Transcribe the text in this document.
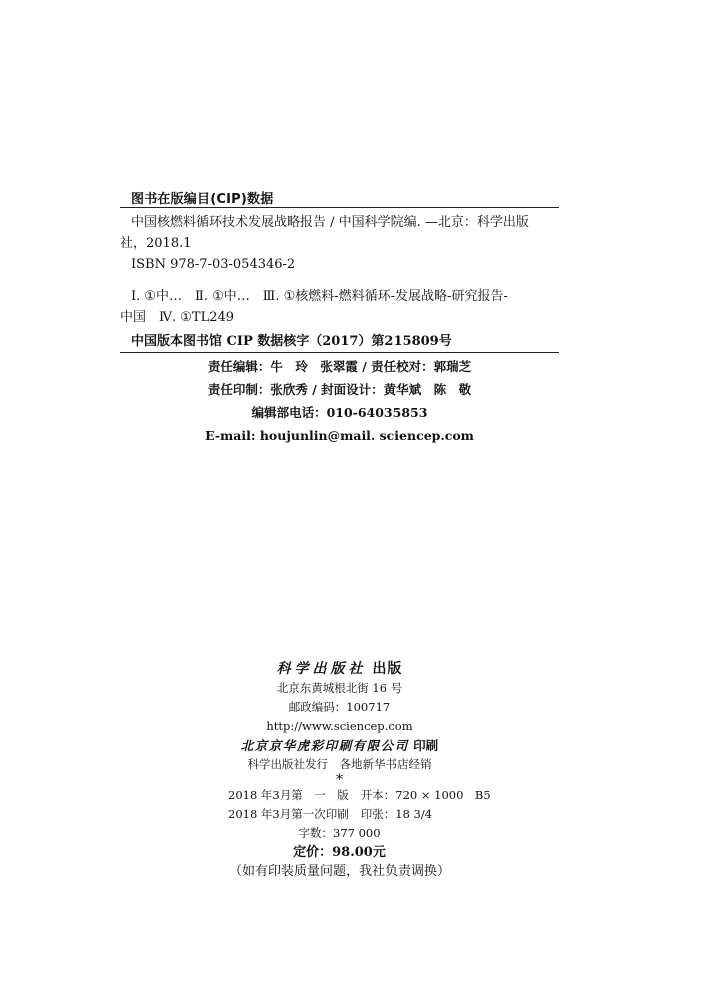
图书在版编目(CIP)数据

中国核燃料循环技术发展战略报告 / 中国科学院编. —北京：科学出版

社，2018.1

ISBN 978-7-03-054346-2

Ⅰ. ①中…　Ⅱ. ①中…　Ⅲ. ①核燃料-燃料循环-发展战略-研究报告-

中国　Ⅳ. ①TL249

中国版本图书馆 CIP 数据核字（2017）第215809号

责任编辑：牛　玲　张翠霞 / 责任校对：郭瑞芝

责任印制：张欣秀 / 封面设计：黄华斌　陈　敬

编辑部电话：010-64035853

E-mail: houjunlin@mail. sciencep.com

科学出版社 出版

北京东黄城根北街 16 号

邮政编码：100717

http://www.sciencep.com

北京京华虎彩印刷有限公司 印刷

科学出版社发行　各地新华书店经销

*

2018 年3月第　一　版 开本：720 × 1000　B5

2018 年3月第一次印刷 印张：18 3/4

字数：377 000

定价：98.00元

（如有印装质量问题，我社负责调换）
